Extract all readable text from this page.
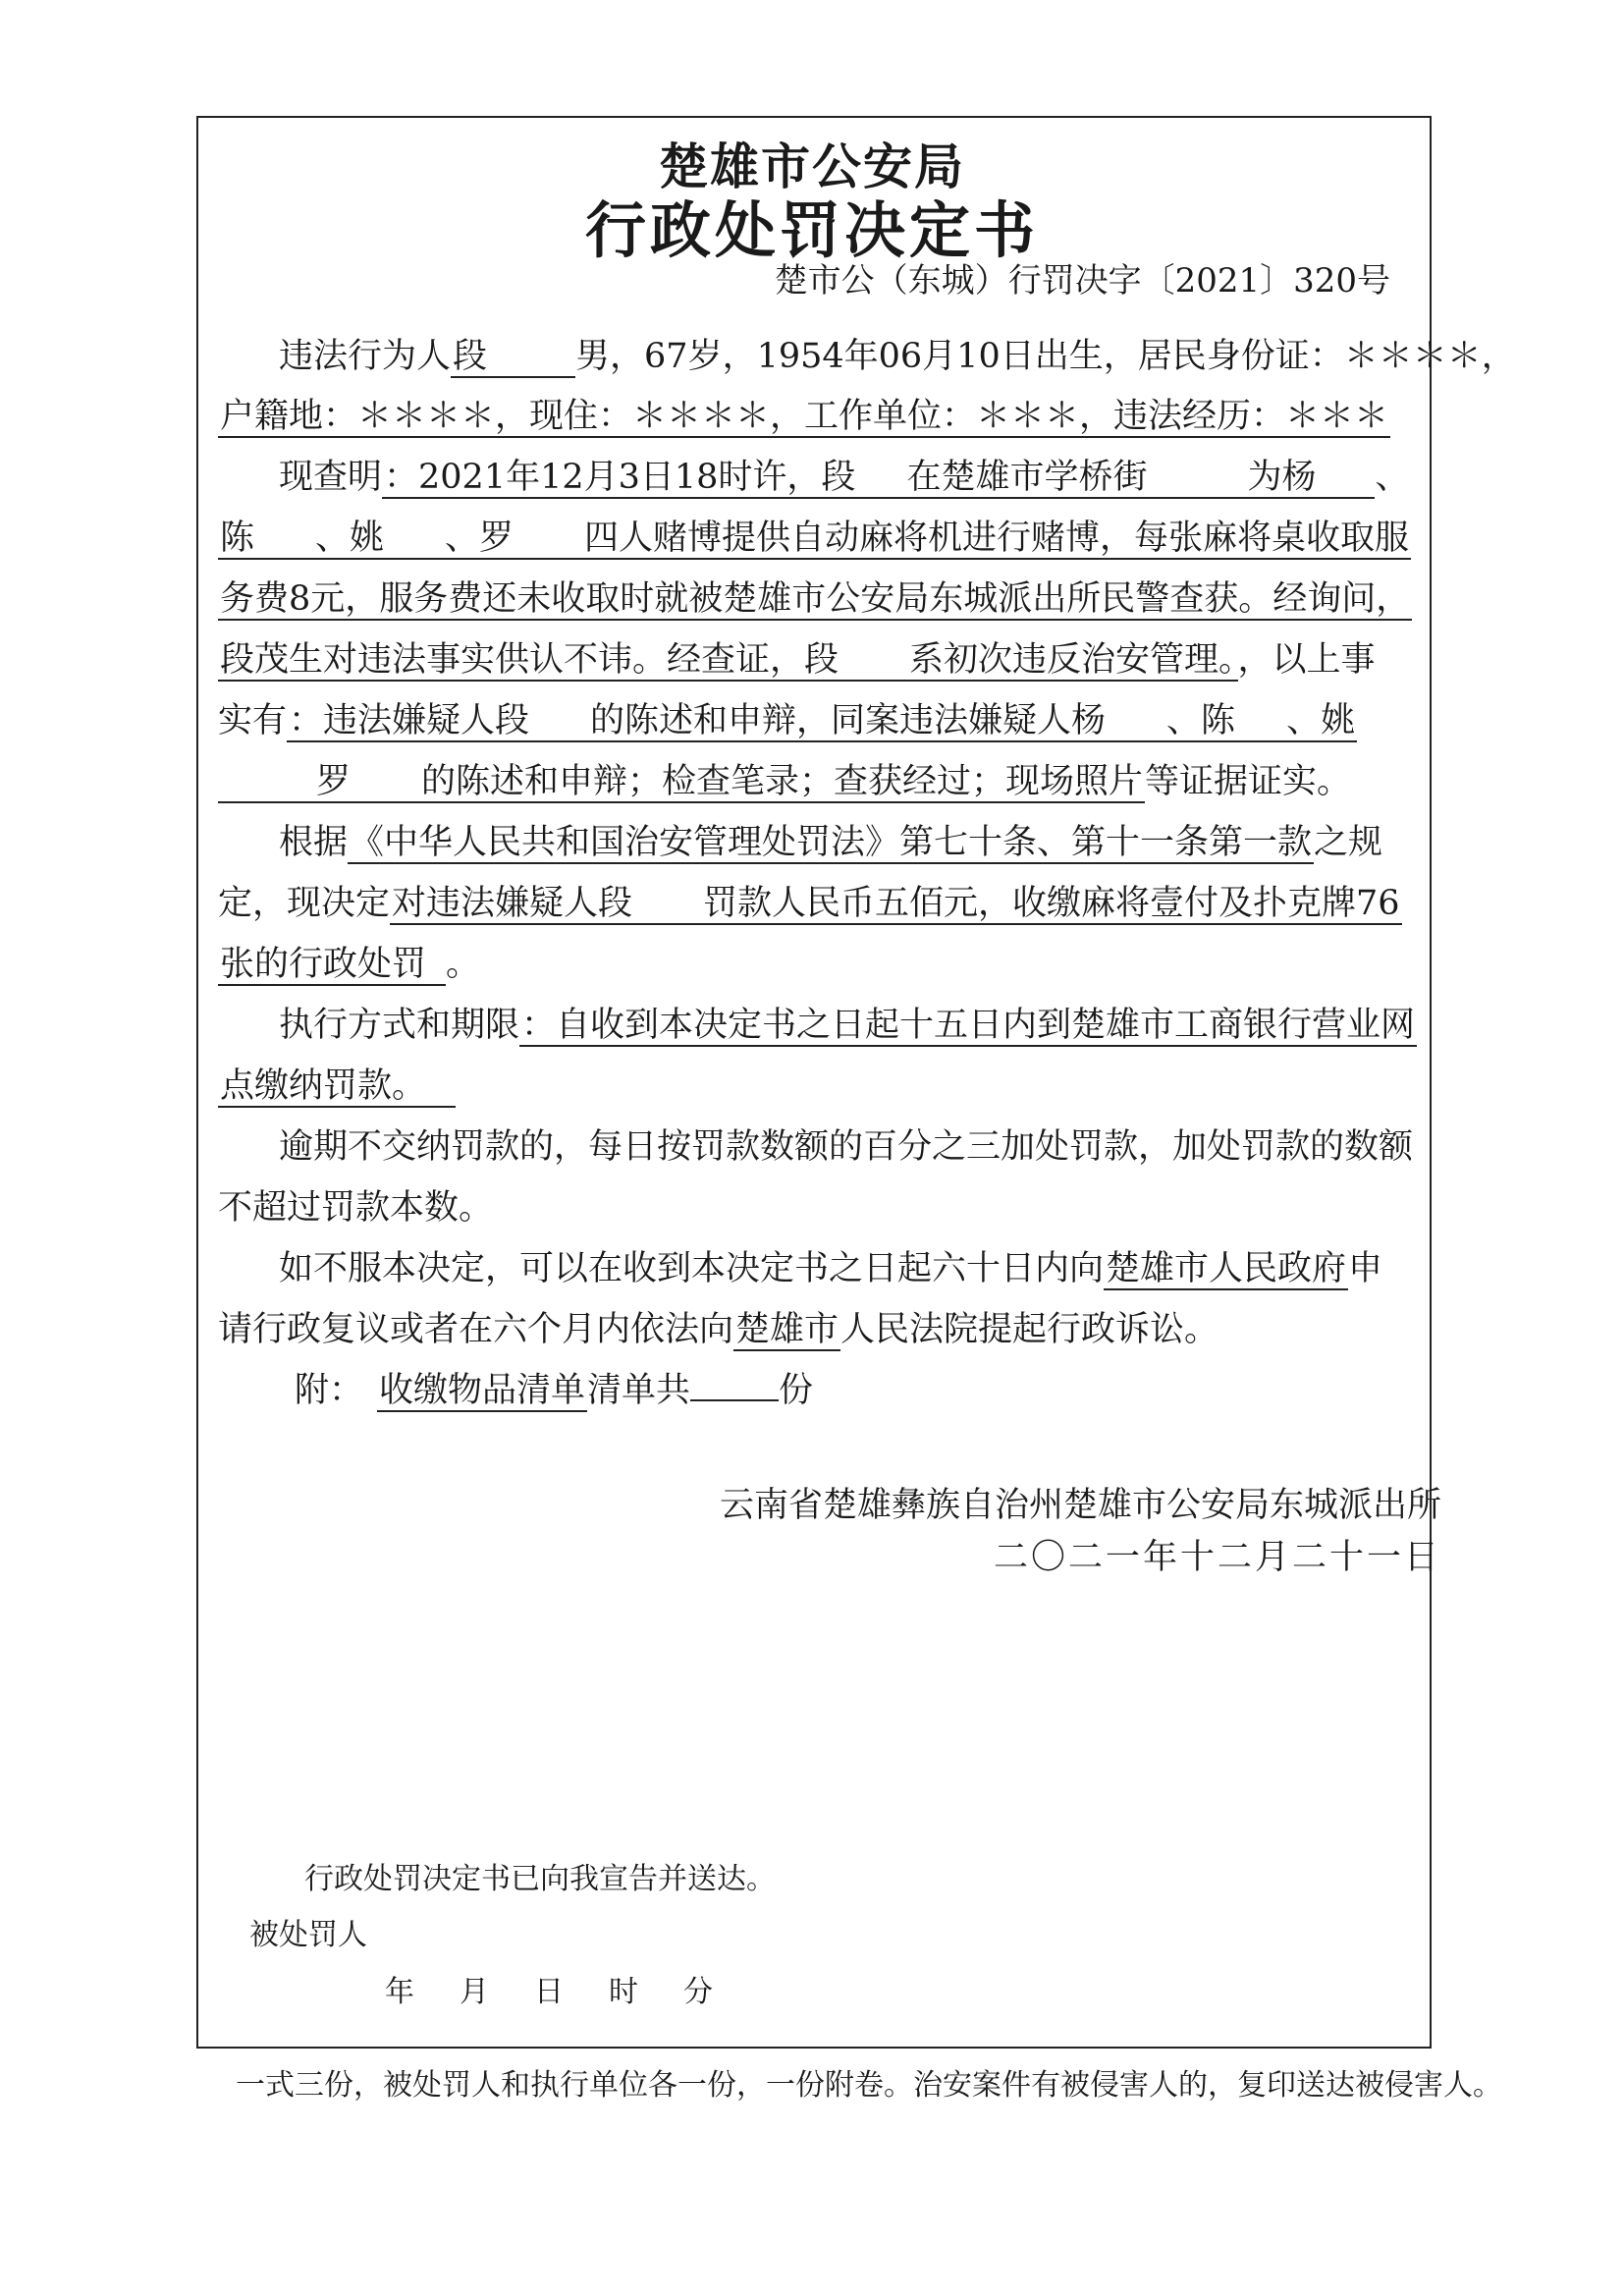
楚雄市公安局
行政处罚决定书
楚市公（东城）行罚决字〔2021〕320号
违法行为人段	男，67岁，1954年06月10日出生，居民身份证：＊＊＊＊，
户籍地：＊＊＊＊，现住：＊＊＊＊，工作单位：＊＊＊，违法经历：＊＊＊
现查明：2021年12月3日18时许，段 在楚雄市学桥街	为杨 、
陈 、姚 、罗 四人赌博提供自动麻将机进行赌博，每张麻将桌收取服
务费8元，服务费还未收取时就被楚雄市公安局东城派出所民警查获。经询问，
段茂生对违法事实供认不讳。经查证，段 系初次违反治安管理。，以上事
实有：违法嫌疑人段 的陈述和申辩，同案违法嫌疑人杨 、陈 、姚
罗 的陈述和申辩；检查笔录；查获经过；现场照片等证据证实。
根据《中华人民共和国治安管理处罚法》第七十条、第十一条第一款之规
定，现决定对违法嫌疑人段 罚款人民币五佰元，收缴麻将壹付及扑克牌76
张的行政处罚 。
执行方式和期限：自收到本决定书之日起十五日内到楚雄市工商银行营业网
点缴纳罚款。
逾期不交纳罚款的，每日按罚款数额的百分之三加处罚款，加处罚款的数额
不超过罚款本数。
如不服本决定，可以在收到本决定书之日起六十日内向楚雄市人民政府申
请行政复议或者在六个月内依法向楚雄市人民法院提起行政诉讼。
附： 收缴物品清单清单共	份
云南省楚雄彝族自治州楚雄市公安局东城派出所
二〇二一年十二月二十一日
行政处罚决定书已向我宣告并送达。
被处罚人
年 月 日 时 分
一式三份，被处罚人和执行单位各一份，一份附卷。治安案件有被侵害人的，复印送达被侵害人。
